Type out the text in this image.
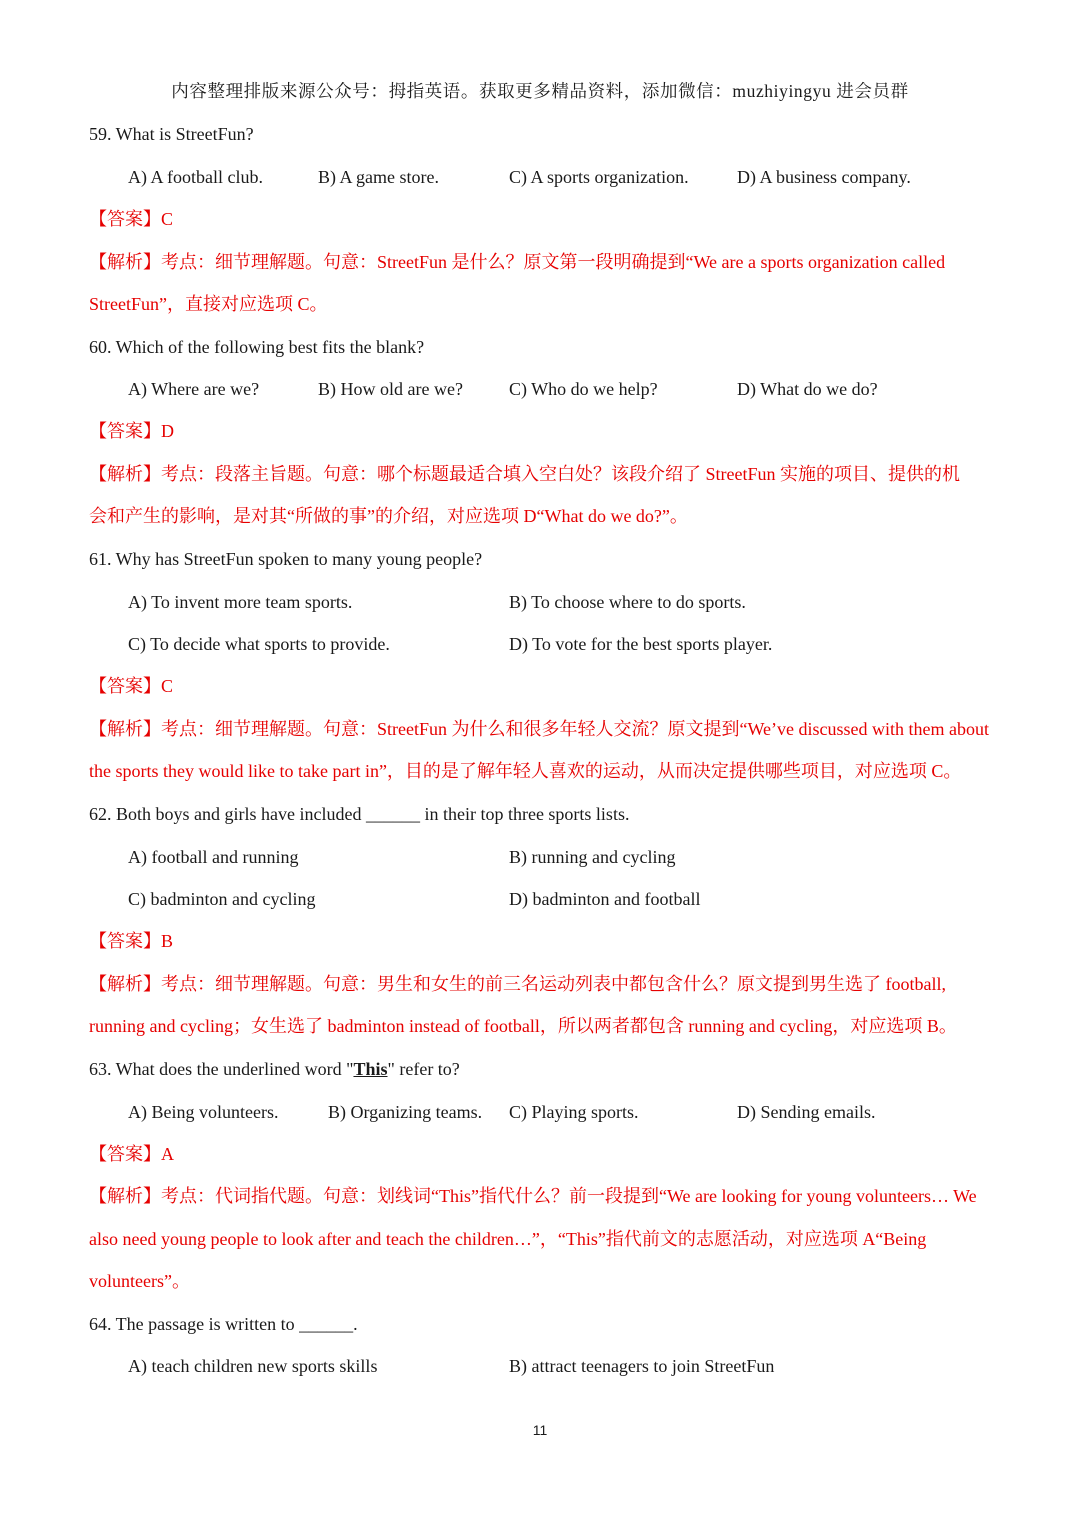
内容整理排版来源公众号：拇指英语。获取更多精品资料，添加微信：muzhiyingyu 进会员群
59. What is StreetFun?
A) A football club.	B) A game store.	C) A sports organization.	D) A business company.
【答案】C
【解析】考点：细节理解题。句意：StreetFun 是什么？原文第一段明确提到“We are a sports organization called
StreetFun”，直接对应选项 C。
60. Which of the following best fits the blank?
A) Where are we?	B) How old are we?	C) Who do we help?	D) What do we do?
【答案】D
【解析】考点：段落主旨题。句意：哪个标题最适合填入空白处？该段介绍了 StreetFun 实施的项目、提供的机
会和产生的影响，是对其“所做的事”的介绍，对应选项 D“What do we do?”。
61. Why has StreetFun spoken to many young people?
A) To invent more team sports.	B) To choose where to do sports.
C) To decide what sports to provide.	D) To vote for the best sports player.
【答案】C
【解析】考点：细节理解题。句意：StreetFun 为什么和很多年轻人交流？原文提到“We’ve discussed with them about
the sports they would like to take part in”，目的是了解年轻人喜欢的运动，从而决定提供哪些项目，对应选项 C。
62. Both boys and girls have included ______ in their top three sports lists.
A) football and running	B) running and cycling
C) badminton and cycling	D) badminton and football
【答案】B
【解析】考点：细节理解题。句意：男生和女生的前三名运动列表中都包含什么？原文提到男生选了 football,
running and cycling；女生选了 badminton instead of football，所以两者都包含 running and cycling，对应选项 B。
63. What does the underlined word "This" refer to?
A) Being volunteers.	B) Organizing teams. C) Playing sports.	D) Sending emails.
【答案】A
【解析】考点：代词指代题。句意：划线词“This”指代什么？前一段提到“We are looking for young volunteers… We
also need young people to look after and teach the children…”，“This”指代前文的志愿活动，对应选项 A“Being
volunteers”。
64. The passage is written to ______.
A) teach children new sports skills	B) attract teenagers to join StreetFun
11
